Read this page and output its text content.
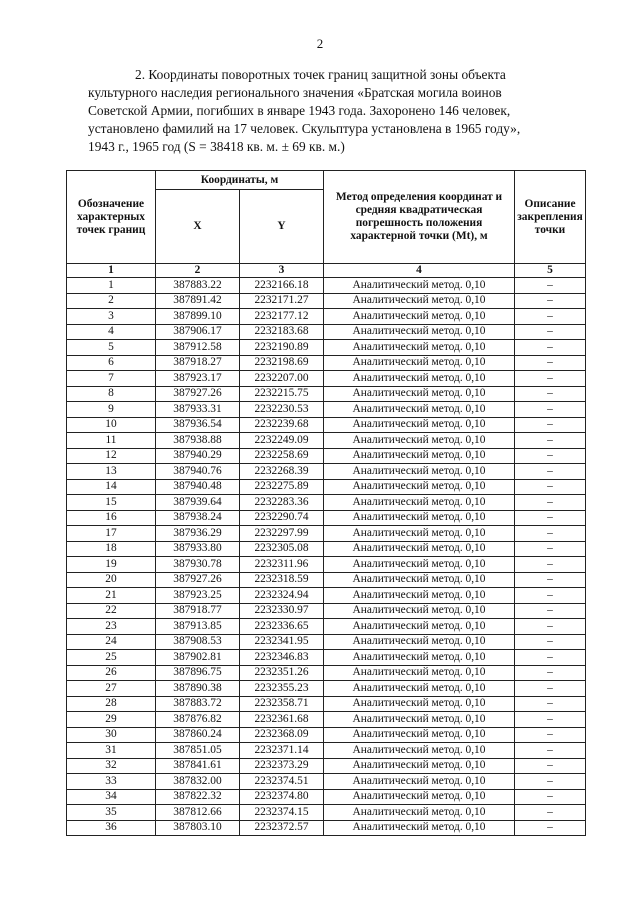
2
2. Координаты поворотных точек границ защитной зоны объекта
культурного наследия регионального значения «Братская могила воинов
Советской Армии, погибших в январе 1943 года. Захоронено 146 человек,
установлено фамилий на 17 человек. Скульптура установлена в 1965 году»,
1943 г., 1965 год (S = 38418 кв. м. ± 69 кв. м.)
Обозначение характерных точек границ	Координаты, м		Метод определения координат и средняя квадратическая погрешность положения характерной точки (Mt), м	Описание закрепления точки
	X	Y		
1	2	3	4	5
1	387883.22	2232166.18	Аналитический метод. 0,10	–
2	387891.42	2232171.27	Аналитический метод. 0,10	–
3	387899.10	2232177.12	Аналитический метод. 0,10	–
4	387906.17	2232183.68	Аналитический метод. 0,10	–
5	387912.58	2232190.89	Аналитический метод. 0,10	–
6	387918.27	2232198.69	Аналитический метод. 0,10	–
7	387923.17	2232207.00	Аналитический метод. 0,10	–
8	387927.26	2232215.75	Аналитический метод. 0,10	–
9	387933.31	2232230.53	Аналитический метод. 0,10	–
10	387936.54	2232239.68	Аналитический метод. 0,10	–
11	387938.88	2232249.09	Аналитический метод. 0,10	–
12	387940.29	2232258.69	Аналитический метод. 0,10	–
13	387940.76	2232268.39	Аналитический метод. 0,10	–
14	387940.48	2232275.89	Аналитический метод. 0,10	–
15	387939.64	2232283.36	Аналитический метод. 0,10	–
16	387938.24	2232290.74	Аналитический метод. 0,10	–
17	387936.29	2232297.99	Аналитический метод. 0,10	–
18	387933.80	2232305.08	Аналитический метод. 0,10	–
19	387930.78	2232311.96	Аналитический метод. 0,10	–
20	387927.26	2232318.59	Аналитический метод. 0,10	–
21	387923.25	2232324.94	Аналитический метод. 0,10	–
22	387918.77	2232330.97	Аналитический метод. 0,10	–
23	387913.85	2232336.65	Аналитический метод. 0,10	–
24	387908.53	2232341.95	Аналитический метод. 0,10	–
25	387902.81	2232346.83	Аналитический метод. 0,10	–
26	387896.75	2232351.26	Аналитический метод. 0,10	–
27	387890.38	2232355.23	Аналитический метод. 0,10	–
28	387883.72	2232358.71	Аналитический метод. 0,10	–
29	387876.82	2232361.68	Аналитический метод. 0,10	–
30	387860.24	2232368.09	Аналитический метод. 0,10	–
31	387851.05	2232371.14	Аналитический метод. 0,10	–
32	387841.61	2232373.29	Аналитический метод. 0,10	–
33	387832.00	2232374.51	Аналитический метод. 0,10	–
34	387822.32	2232374.80	Аналитический метод. 0,10	–
35	387812.66	2232374.15	Аналитический метод. 0,10	–
36	387803.10	2232372.57	Аналитический метод. 0,10	–
